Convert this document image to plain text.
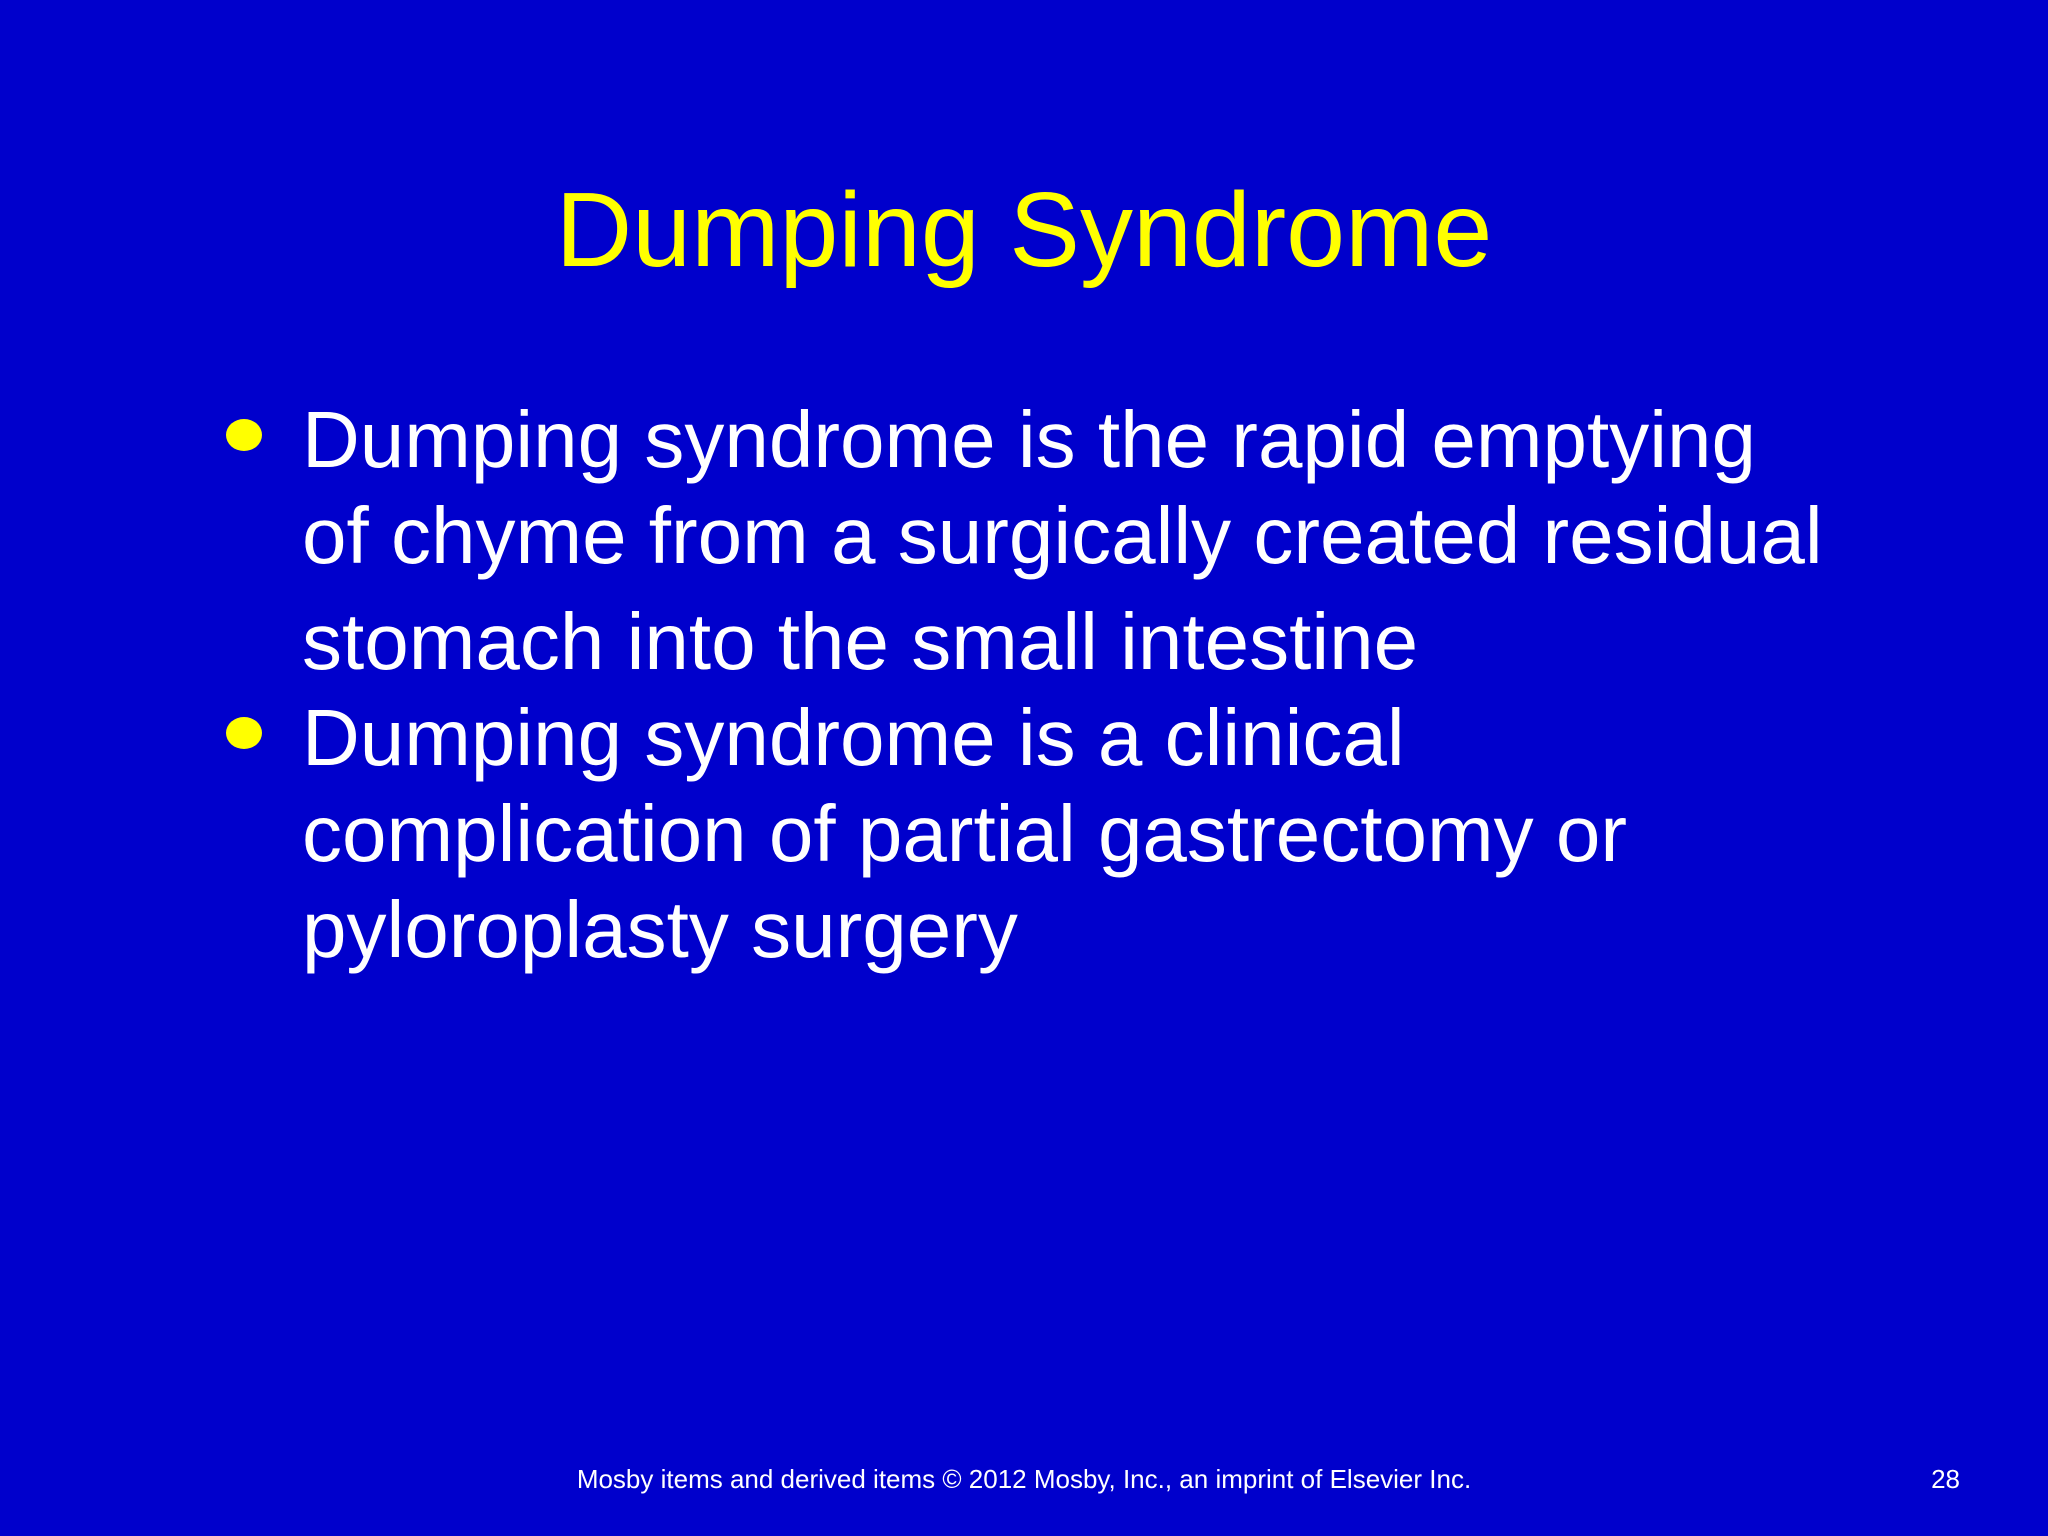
Dumping Syndrome
Dumping syndrome is the rapid emptying
of chyme from a surgically created residual
stomach into the small intestine
Dumping syndrome is a clinical
complication of partial gastrectomy or
pyloroplasty surgery
Mosby items and derived items © 2012 Mosby, Inc., an imprint of Elsevier Inc.	28
